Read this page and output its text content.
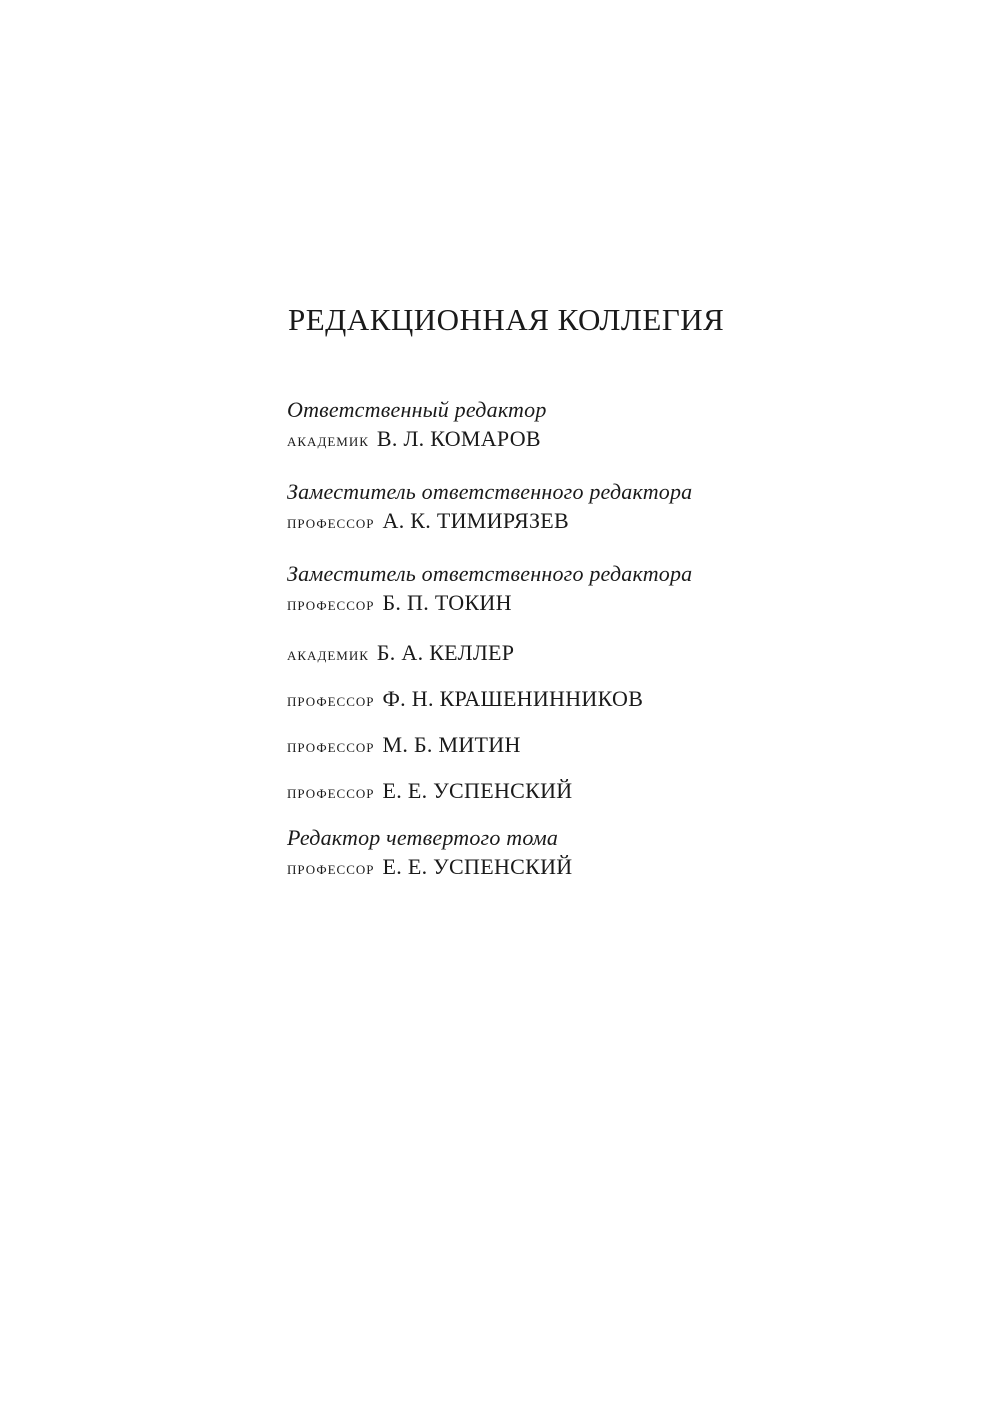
РЕДАКЦИОННАЯ КОЛЛЕГИЯ
Ответственный редактор
АКАДЕМИК В. Л. КОМАРОВ
Заместитель ответственного редактора
ПРОФЕССОР А. К. ТИМИРЯЗЕВ
Заместитель ответственного редактора
ПРОФЕССОР Б. П. ТОКИН
АКАДЕМИК Б. А. КЕЛЛЕР
ПРОФЕССОР Ф. Н. КРАШЕНИННИКОВ
ПРОФЕССОР М. Б. МИТИН
ПРОФЕССОР Е. Е. УСПЕНСКИЙ
Редактор четвертого тома
ПРОФЕССОР Е. Е. УСПЕНСКИЙ
